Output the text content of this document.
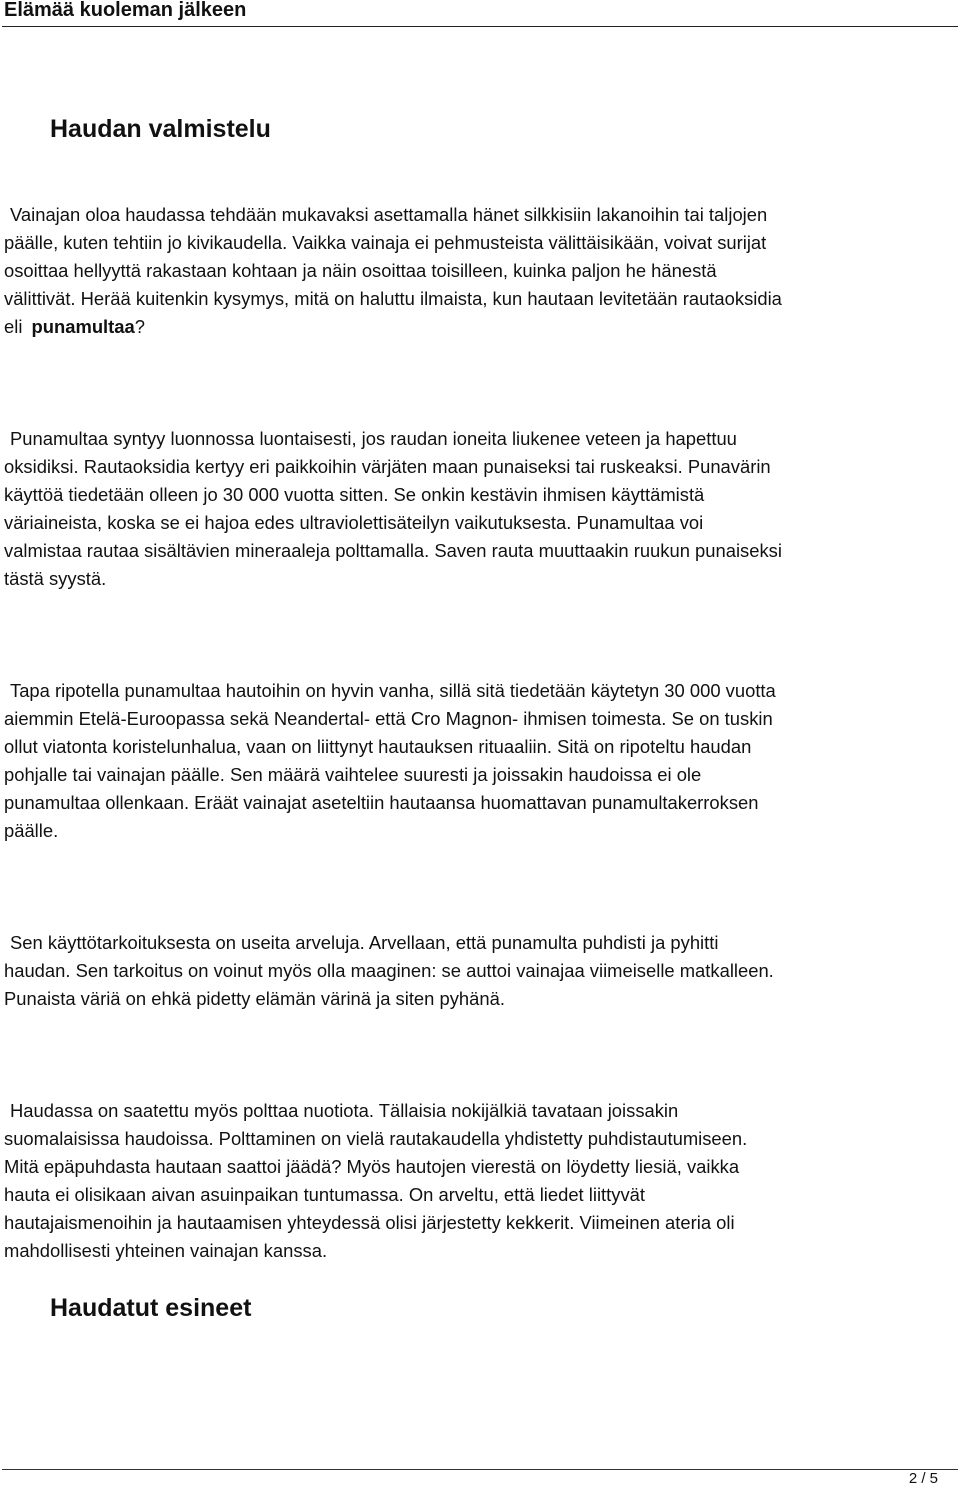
Elämää kuoleman jälkeen
Haudan valmistelu

Vainajan oloa haudassa tehdään mukavaksi asettamalla hänet silkkisiin lakanoihin tai taljojen
päälle, kuten tehtiin jo kivikaudella. Vaikka vainaja ei pehmusteista välittäisikään, voivat surijat
osoittaa hellyyttä rakastaan kohtaan ja näin osoittaa toisilleen, kuinka paljon he hänestä
välittivät. Herää kuitenkin kysymys, mitä on haluttu ilmaista, kun hautaan levitetään rautaoksidia
eli punamultaa?

Punamultaa syntyy luonnossa luontaisesti, jos raudan ioneita liukenee veteen ja hapettuu
oksidiksi. Rautaoksidia kertyy eri paikkoihin värjäten maan punaiseksi tai ruskeaksi. Punavärin
käyttöä tiedetään olleen jo 30 000 vuotta sitten. Se onkin kestävin ihmisen käyttämistä
väriaineista, koska se ei hajoa edes ultraviolettisäteilyn vaikutuksesta. Punamultaa voi
valmistaa rautaa sisältävien mineraaleja polttamalla. Saven rauta muuttaakin ruukun punaiseksi
tästä syystä.

Tapa ripotella punamultaa hautoihin on hyvin vanha, sillä sitä tiedetään käytetyn 30 000 vuotta
aiemmin Etelä-Euroopassa sekä Neandertal- että Cro Magnon- ihmisen toimesta. Se on tuskin
ollut viatonta koristelunhalua, vaan on liittynyt hautauksen rituaaliin. Sitä on ripoteltu haudan
pohjalle tai vainajan päälle. Sen määrä vaihtelee suuresti ja joissakin haudoissa ei ole
punamultaa ollenkaan. Eräät vainajat aseteltiin hautaansa huomattavan punamultakerroksen
päälle.

Sen käyttötarkoituksesta on useita arveluja. Arvellaan, että punamulta puhdisti ja pyhitti
haudan. Sen tarkoitus on voinut myös olla maaginen: se auttoi vainajaa viimeiselle matkalleen.
Punaista väriä on ehkä pidetty elämän värinä ja siten pyhänä.

Haudassa on saatettu myös polttaa nuotiota. Tällaisia nokijälkiä tavataan joissakin
suomalaisissa haudoissa. Polttaminen on vielä rautakaudella yhdistetty puhdistautumiseen.
Mitä epäpuhdasta hautaan saattoi jäädä? Myös hautojen vierestä on löydetty liesiä, vaikka
hauta ei olisikaan aivan asuinpaikan tuntumassa. On arveltu, että liedet liittyvät
hautajaismenoihin ja hautaamisen yhteydessä olisi järjestetty kekkerit. Viimeinen ateria oli
mahdollisesti yhteinen vainajan kanssa.

Haudatut esineet
2 / 5
